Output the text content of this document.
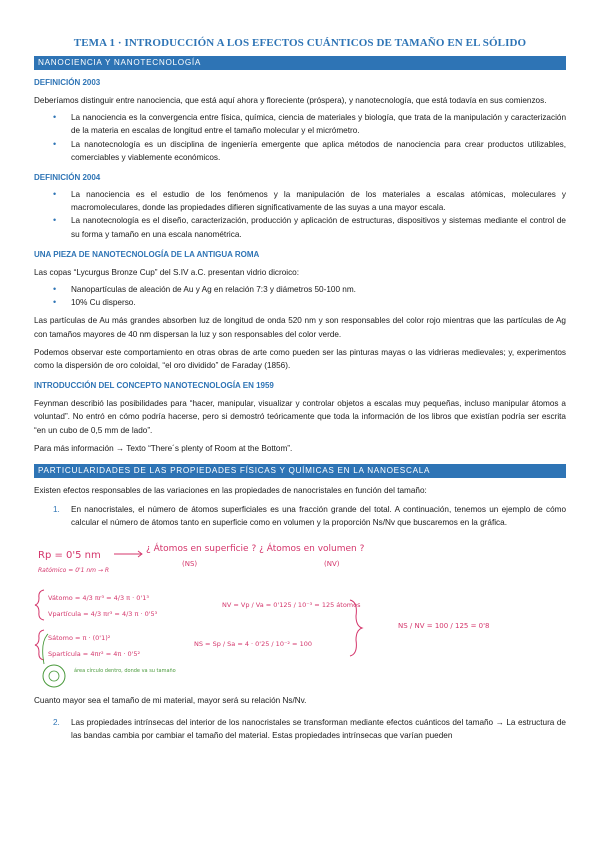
TEMA 1 · INTRODUCCIÓN A LOS EFECTOS CUÁNTICOS DE TAMAÑO EN EL SÓLIDO
NANOCIENCIA Y NANOTECNOLOGÍA
DEFINICIÓN 2003

Deberíamos distinguir entre nanociencia, que está aquí ahora y floreciente (próspera), y nanotecnología, que está todavía en sus comienzos.

• La nanociencia es la convergencia entre física, química, ciencia de materiales y biología, que trata de la manipulación y caracterización de la materia en escalas de longitud entre el tamaño molecular y el micrómetro.
• La nanotecnología es un disciplina de ingeniería emergente que aplica métodos de nanociencia para crear productos utilizables, comerciables y viablemente económicos.
DEFINICIÓN 2004
• La nanociencia es el estudio de los fenómenos y la manipulación de los materiales a escalas atómicas, moleculares y macromoleculares, donde las propiedades difieren significativamente de las suyas a una mayor escala.
• La nanotecnología es el diseño, caracterización, producción y aplicación de estructuras, dispositivos y sistemas mediante el control de su forma y tamaño en una escala nanométrica.
UNA PIEZA DE NANOTECNOLOGÍA DE LA ANTIGUA ROMA

Las copas “Lycurgus Bronze Cup” del S.IV a.C. presentan vidrio dicroico:

• Nanopartículas de aleación de Au y Ag en relación 7:3 y diámetros 50-100 nm.
• 10% Cu disperso.

Las partículas de Au más grandes absorben luz de longitud de onda 520 nm y son responsables del color rojo mientras que las partículas de Ag con tamaños mayores de 40 nm dispersan la luz y son responsables del color verde.

Podemos observar este comportamiento en otras obras de arte como pueden ser las pinturas mayas o las vidrieras medievales; y, experimentos como la dispersión de oro coloidal, “el oro dividido” de Faraday (1856).

INTRODUCCIÓN DEL CONCEPTO NANOTECNOLOGÍA EN 1959

Feynman describió las posibilidades para “hacer, manipular, visualizar y controlar objetos a escalas muy pequeñas, incluso manipular átomos a voluntad”. No entró en cómo podría hacerse, pero si demostró teóricamente que toda la información de los libros que existían podría ser escrita “en un cubo de 0,5 mm de lado”.

Para más información → Texto “There´s plenty of Room at the Bottom”.

PARTICULARIDADES DE LAS PROPIEDADES FÍSICAS Y QUÍMICAS EN LA NANOESCALA

Existen efectos responsables de las variaciones en las propiedades de nanocristales en función del tamaño:

1. En nanocristales, el número de átomos superficiales es una fracción grande del total. A continuación, tenemos un ejemplo de cómo calcular el número de átomos tanto en superficie como en volumen y la proporción Ns/Nv que buscaremos en la gráfica.
Rp = 0'5 nm
Ratómico = 0'1 nm → R
¿ Átomos en superficie ? ¿ Átomos en volumen ?
(NS)	(NV)
Vátomo = 4/3 πr³ = 4/3 π · 0'1³
Vpartícula = 4/3 πr³ = 4/3 π · 0'5³
NV = Vp / Va = 0'125 / 10⁻³ = 125 átomos
Sátomo = π · (0'1)²
Spartícula = 4πr² = 4π · 0'5²
NS = Sp / Sa = 4 · 0'25 / 10⁻² = 100
NS / NV = 100 / 125 = 0'8
área círculo dentro, donde va su tamaño

Cuanto mayor sea el tamaño de mi material, mayor será su relación Ns/Nv.

2. Las propiedades intrínsecas del interior de los nanocristales se transforman mediante efectos cuánticos del tamaño → La estructura de las bandas cambia por cambiar el tamaño del material. Estas propiedades intrínsecas que varían pueden
